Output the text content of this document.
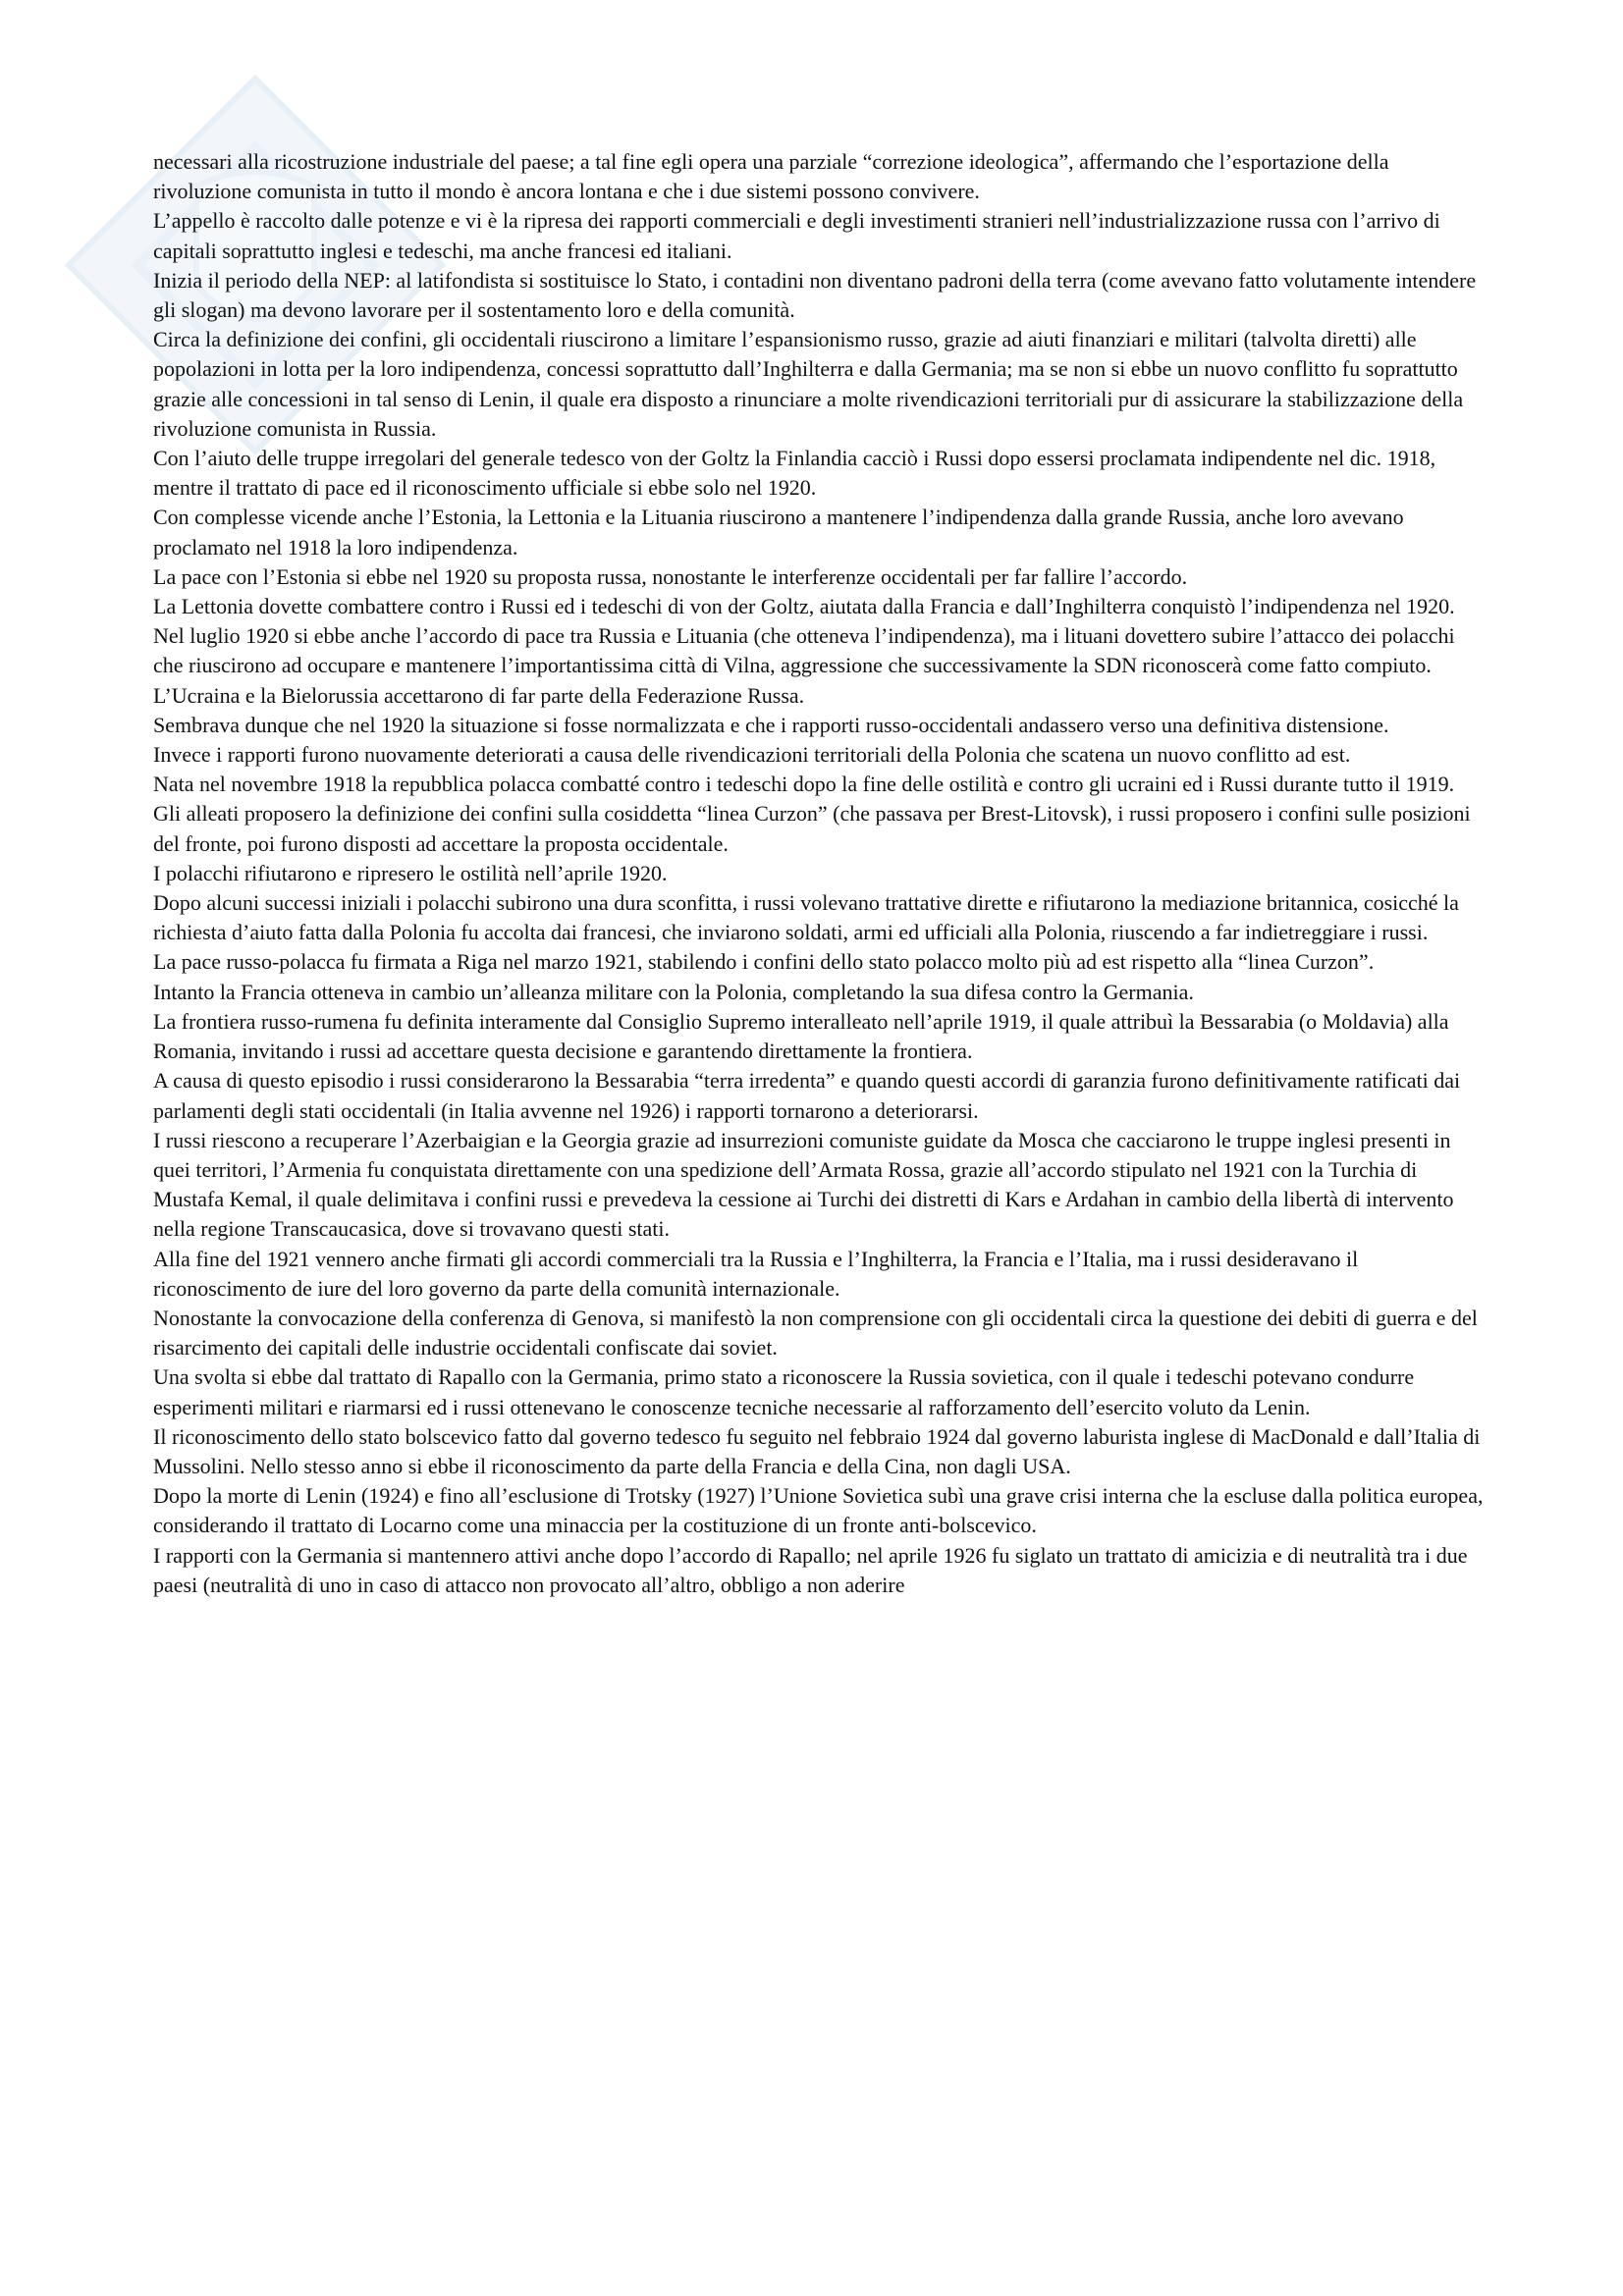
necessari alla ricostruzione industriale del paese; a tal fine egli opera una parziale “correzione ideologica”, affermando che l’esportazione della rivoluzione comunista in tutto il mondo è ancora lontana e che i due sistemi possono convivere.

L’appello è raccolto dalle potenze e vi è la ripresa dei rapporti commerciali e degli investimenti stranieri nell’industrializzazione russa con l’arrivo di capitali soprattutto inglesi e tedeschi, ma anche francesi ed italiani.

Inizia il periodo della NEP: al latifondista si sostituisce lo Stato, i contadini non diventano padroni della terra (come avevano fatto volutamente intendere gli slogan) ma devono lavorare per il sostentamento loro e della comunità.

Circa la definizione dei confini, gli occidentali riuscirono a limitare l’espansionismo russo, grazie ad aiuti finanziari e militari (talvolta diretti) alle popolazioni in lotta per la loro indipendenza, concessi soprattutto dall’Inghilterra e dalla Germania; ma se non si ebbe un nuovo conflitto fu soprattutto grazie alle concessioni in tal senso di Lenin, il quale era disposto a rinunciare a molte rivendicazioni territoriali pur di assicurare la stabilizzazione della rivoluzione comunista in Russia.

Con l’aiuto delle truppe irregolari del generale tedesco von der Goltz la Finlandia cacciò i Russi dopo essersi proclamata indipendente nel dic. 1918, mentre il trattato di pace ed il riconoscimento ufficiale si ebbe solo nel 1920.

Con complesse vicende anche l’Estonia, la Lettonia e la Lituania riuscirono a mantenere l’indipendenza dalla grande Russia, anche loro avevano proclamato nel 1918 la loro indipendenza.

La pace con l’Estonia si ebbe nel 1920 su proposta russa, nonostante le interferenze occidentali per far fallire l’accordo.

La Lettonia dovette combattere contro i Russi ed i tedeschi di von der Goltz, aiutata dalla Francia e dall’Inghilterra conquistò l’indipendenza nel 1920.

Nel luglio 1920 si ebbe anche l’accordo di pace tra Russia e Lituania (che otteneva l’indipendenza), ma i lituani dovettero subire l’attacco dei polacchi che riuscirono ad occupare e mantenere l’importantissima città di Vilna, aggressione che successivamente la SDN riconoscerà come fatto compiuto.

L’Ucraina e la Bielorussia accettarono di far parte della Federazione Russa.

Sembrava dunque che nel 1920 la situazione si fosse normalizzata e che i rapporti russo-occidentali andassero verso una definitiva distensione.

Invece i rapporti furono nuovamente deteriorati a causa delle rivendicazioni territoriali della Polonia che scatena un nuovo conflitto ad est.

Nata nel novembre 1918 la repubblica polacca combatté contro i tedeschi dopo la fine delle ostilità e contro gli ucraini ed i Russi durante tutto il 1919.

Gli alleati proposero la definizione dei confini sulla cosiddetta “linea Curzon” (che passava per Brest-Litovsk), i russi proposero i confini sulle posizioni del fronte, poi furono disposti ad accettare la proposta occidentale.

I polacchi rifiutarono e ripresero le ostilità nell’aprile 1920.

Dopo alcuni successi iniziali i polacchi subirono una dura sconfitta, i russi volevano trattative dirette e rifiutarono la mediazione britannica, cosicché la richiesta d’aiuto fatta dalla Polonia fu accolta dai francesi, che inviarono soldati, armi ed ufficiali alla Polonia, riuscendo a far indietreggiare i russi.

La pace russo-polacca fu firmata a Riga nel marzo 1921, stabilendo i confini dello stato polacco molto più ad est rispetto alla “linea Curzon”.

Intanto la Francia otteneva in cambio un’alleanza militare con la Polonia, completando la sua difesa contro la Germania.

La frontiera russo-rumena fu definita interamente dal Consiglio Supremo interalleato nell’aprile 1919, il quale attribuì la Bessarabia (o Moldavia) alla Romania, invitando i russi ad accettare questa decisione e garantendo direttamente la frontiera.

A causa di questo episodio i russi considerarono la Bessarabia “terra irredenta” e quando questi accordi di garanzia furono definitivamente ratificati dai parlamenti degli stati occidentali (in Italia avvenne nel 1926) i rapporti tornarono a deteriorarsi.

I russi riescono a recuperare l’Azerbaigian e la Georgia grazie ad insurrezioni comuniste guidate da Mosca che cacciarono le truppe inglesi presenti in quei territori, l’Armenia fu conquistata direttamente con una spedizione dell’Armata Rossa, grazie all’accordo stipulato nel 1921 con la Turchia di Mustafa Kemal, il quale delimitava i confini russi e prevedeva la cessione ai Turchi dei distretti di Kars e Ardahan in cambio della libertà di intervento nella regione Transcaucasica, dove si trovavano questi stati.

Alla fine del 1921 vennero anche firmati gli accordi commerciali tra la Russia e l’Inghilterra, la Francia e l’Italia, ma i russi desideravano il riconoscimento de iure del loro governo da parte della comunità internazionale.

Nonostante la convocazione della conferenza di Genova, si manifestò la non comprensione con gli occidentali circa la questione dei debiti di guerra e del risarcimento dei capitali delle industrie occidentali confiscate dai soviet.

Una svolta si ebbe dal trattato di Rapallo con la Germania, primo stato a riconoscere la Russia sovietica, con il quale i tedeschi potevano condurre esperimenti militari e riarmarsi ed i russi ottenevano le conoscenze tecniche necessarie al rafforzamento dell’esercito voluto da Lenin.

Il riconoscimento dello stato bolscevico fatto dal governo tedesco fu seguito nel febbraio 1924 dal governo laburista inglese di MacDonald e dall’Italia di Mussolini. Nello stesso anno si ebbe il riconoscimento da parte della Francia e della Cina, non dagli USA.

Dopo la morte di Lenin (1924) e fino all’esclusione di Trotsky (1927) l’Unione Sovietica subì una grave crisi interna che la escluse dalla politica europea, considerando il trattato di Locarno come una minaccia per la costituzione di un fronte anti-bolscevico.

I rapporti con la Germania si mantennero attivi anche dopo l’accordo di Rapallo; nel aprile 1926 fu siglato un trattato di amicizia e di neutralità tra i due paesi (neutralità di uno in caso di attacco non provocato all’altro, obbligo a non aderire
